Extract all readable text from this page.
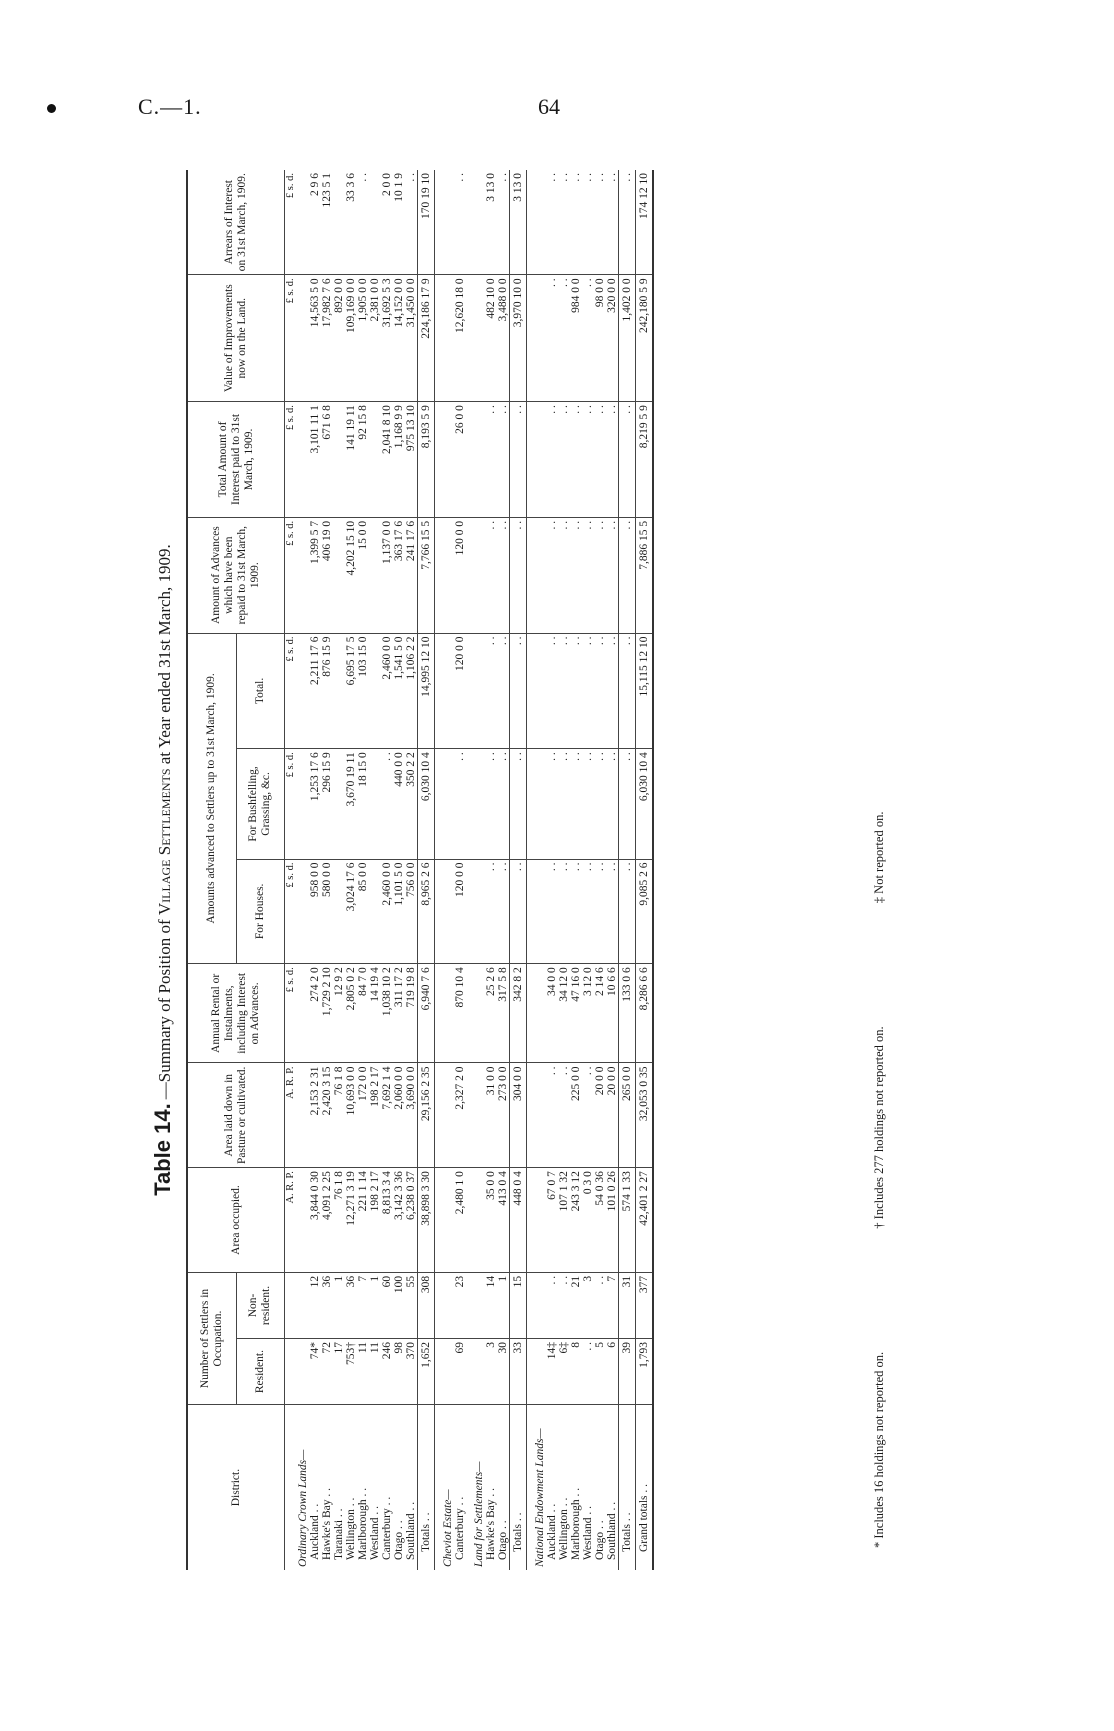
C.—1.	64
Table 14.—Summary of Position of Village Settlements at Year ended 31st March, 1909.
District.	Number of Settlers in Occupation.		Area occupied.	Area laid down in Pasture or cultivated.	Annual Rental or Instalments, including Interest on Advances.	Amounts advanced to Settlers up to 31st March, 1909.			Amount of Advances which have been repaid to 31st March, 1909.	Total Amount of Interest paid to 31st March, 1909.	Value of Improvements now on the Land.	Arrears of Interest on 31st March, 1909.
	Resident.	Non-resident.				For Houses.	For Bushfelling, Grassing, &c.	Total.				
			A. R. P.	A. R. P.	£ s. d.	£ s. d.	£ s. d.	£ s. d.	£ s. d.	£ s. d.	£ s. d.	£ s. d.
Ordinary Crown Lands—												
Auckland . .	74*	12	3,844 0 30	2,153 2 31	274 2 0	958 0 0	1,253 17 6	2,211 17 6	1,399 5 7	3,101 11 1	14,563 5 0	2 9 6
Hawke's Bay . .	72	36	4,091 2 25	2,420 3 15	1,729 2 10	580 0 0	296 15 9	876 15 9	406 19 0	671 6 8	17,982 7 6	123 5 1
Taranaki . .	17	1	76 1 8	76 1 8	12 9 2						892 0 0	
Wellington . .	753†	36	12,271 3 19	10,693 0 0	2,805 0 2	3,024 17 6	3,670 19 11	6,695 17 5	4,202 15 10	141 19 11	109,169 0 0	33 3 6
Marlborough . .	11	7	221 1 14	172 0 0	84 7 0	85 0 0	18 15 0	103 15 0	15 0 0	92 15 8	1,905 0 0	. .
Westland . .	11	1	198 2 17	198 2 17	14 19 4						2,381 0 0	
Canterbury . .	246	60	8,813 3 4	7,692 1 4	1,038 10 2	2,460 0 0	. .	2,460 0 0	1,137 0 0	2,041 8 10	31,692 5 3	2 0 0
Otago . .	98	100	3,142 3 36	2,060 0 0	311 17 2	1,101 5 0	440 0 0	1,541 5 0	363 17 6	1,168 9 9	14,152 0 0	10 1 9
Southland . .	370	55	6,238 0 37	3,690 0 0	719 19 8	756 0 0	350 2 2	1,106 2 2	241 17 6	975 13 10	31,450 0 0	. .
Totals . .	1,652	308	38,898 3 30	29,156 2 35	6,940 7 6	8,965 2 6	6,030 10 4	14,995 12 10	7,766 15 5	8,193 5 9	224,186 17 9	170 19 10

Cheviot Estate—												
Canterbury . .	69	23	2,480 1 0	2,327 2 0	870 10 4	120 0 0	. .	120 0 0	120 0 0	26 0 0	12,620 18 0	. .

Land for Settlements—												
Hawke's Bay . .	3	14	35 0 0	31 0 0	25 2 6	. .	. .	. .	. .	. .	482 10 0	3 13 0
Otago . .	30	1	413 0 4	273 0 0	317 5 8	. .	. .	. .	. .	. .	3,488 0 0	. .
Totals . .	33	15	448 0 4	304 0 0	342 8 2	. .	. .	. .	. .	. .	3,970 10 0	3 13 0

National Endowment Lands—												
Auckland . .	14‡	. .	67 0 7	. .	34 0 0	. .	. .	. .	. .	. .	. .	. .
Wellington . .	6‡	. .	107 1 32	. .	34 12 0	. .	. .	. .	. .	. .	. .	. .
Marlborough . .	8	21	243 3 12	225 0 0	47 16 0	. .	. .	. .	. .	. .	984 0 0	. .
Westland . .	. .	3	0 3 0	. .	3 12 0	. .	. .	. .	. .	. .	. .	. .
Otago . .	5	. .	54 0 36	20 0 0	2 14 6	. .	. .	. .	. .	. .	98 0 0	. .
Southland . .	6	7	101 0 26	20 0 0	10 6 6	. .	. .	. .	. .	. .	320 0 0	. .
Totals . .	39	31	574 1 33	265 0 0	133 0 6	. .	. .	. .	. .	. .	1,402 0 0	. .
Grand totals . .	1,793	377	42,401 2 27	32,053 0 35	8,286 6 6	9,085 2 6	6,030 10 4	15,115 12 10	7,886 15 5	8,219 5 9	242,180 5 9	174 12 10
* Includes 16 holdings not reported on. † Includes 277 holdings not reported on. ‡ Not reported on.
